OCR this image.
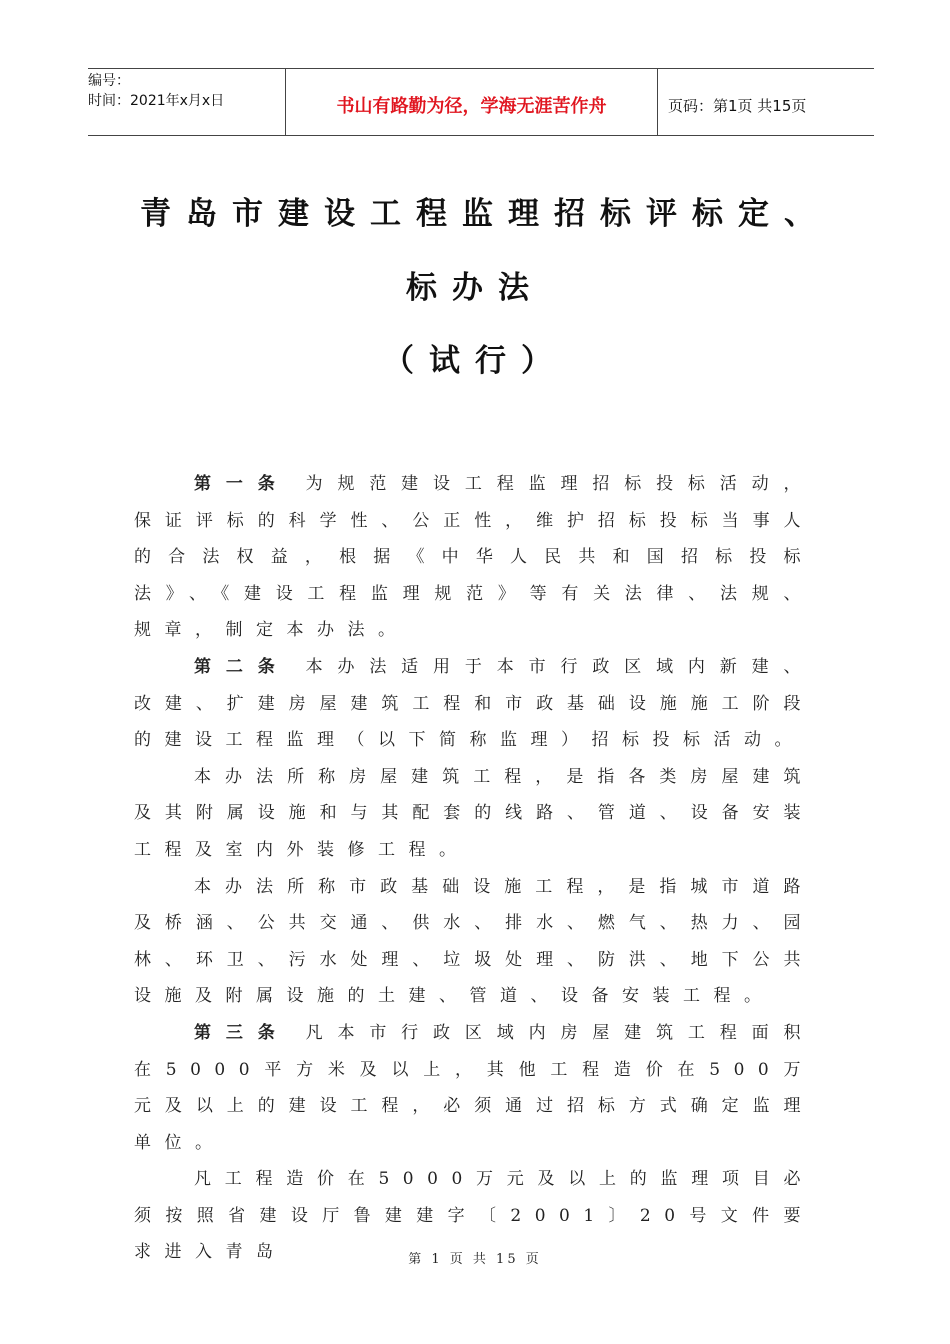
编号：
时间：2021年x月x日	书山有路勤为径，学海无涯苦作舟	页码：第1页 共15页
青岛市建设工程监理招标评标定、
标办法
（试行）

第一条 为规范建设工程监理招标投标活动，保证评标的科学性、公正性，维护招标投标当事人的合法权益，根据《中华人民共和国招标投标法》、《建设工程监理规范》等有关法律、法规、规章，制定本办法。

第二条 本办法适用于本市行政区域内新建、改建、扩建房屋建筑工程和市政基础设施施工阶段的建设工程监理（以下简称监理）招标投标活动。

本办法所称房屋建筑工程，是指各类房屋建筑及其附属设施和与其配套的线路、管道、设备安装工程及室内外装修工程。

本办法所称市政基础设施工程，是指城市道路及桥涵、公共交通、供水、排水、燃气、热力、园林、环卫、污水处理、垃圾处理、防洪、地下公共设施及附属设施的土建、管道、设备安装工程。

第三条 凡本市行政区域内房屋建筑工程面积在5000平方米及以上，其他工程造价在500万元及以上的建设工程，必须通过招标方式确定监理单位。

凡工程造价在5000万元及以上的监理项目必须按照省建设厅鲁建建字〔2001〕20号文件要求进入青岛	第 1 页 共 15 页
